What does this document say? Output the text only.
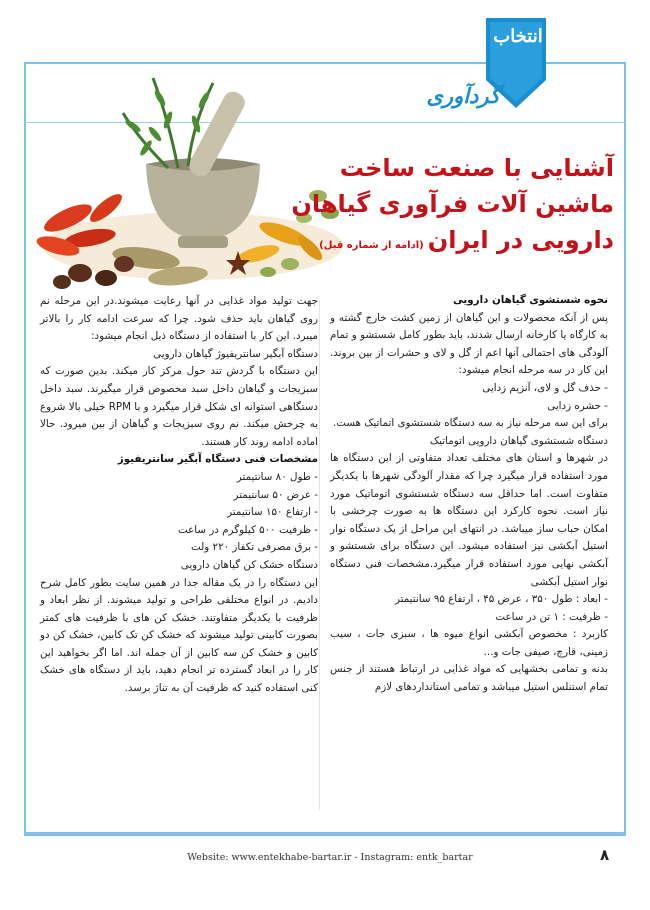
انتخاب
گردآوری
آشنایی با صنعت ساخت
ماشین آلات فرآوری گیاهان
دارویی در ایران(ادامه از شماره قبل)

نحوه شستشوی گیاهان دارویی

پس از آنکه محصولات و این گیاهان از زمین کشت خارج گشته و به کارگاه یا کارخانه ارسال شدند، باید بطور کامل شستشو و تمام آلودگی های احتمالی آنها اعم از گل و لای و حشرات از بین بروند. این کار در سه مرحله انجام میشود:

- حذف گل و لای، آنزیم زدایی

- حشره زدایی

برای این سه مرحله نیاز به سه دستگاه شستشوی اتماتیک هست.

دستگاه شستشوی گیاهان دارویی اتوماتیک

در شهرها و استان های مختلف تعداد متفاوتی از این دستگاه ها مورد استفاده قرار میگیرد چرا که مقدار آلودگی شهرها با یکدیگر متفاوت است. اما حداقل سه دستگاه شستشوی اتوماتیک مورد نیاز است. نحوه کارکرد این دستگاه ها به صورت چرخشی با امکان حباب ساز میباشد. در انتهای این مراحل از یک دستگاه نوار استیل آبکشی نیز استفاده میشود. این دستگاه برای شستشو و آبکشی نهایی مورد استفاده قرار میگیرد.مشخصات فنی دستگاه نوار استیل آبکشی

- ابعاد : طول ۳۵۰ ، عرض ۴۵ ، ارتفاع ۹۵ سانتیمتر

- ظرفیت : ۱ تن در ساعت

کاربرد : مخصوص آبکشی انواع میوه ها ، سبزی جات ، سیب زمینی، قارچ، صیفی جات و...

بدنه و تمامی بخشهایی که مواد غذایی در ارتباط هستند از جنس تمام استنلس استیل میباشد و تمامی استانداردهای لازم

جهت تولید مواد غذایی در آنها رعایت میشوند.در این مرحله نم روی گیاهان باید حذف شود. چرا که سرعت ادامه کار را بالاتر میبرد. این کار با استفاده از دستگاه ذیل انجام میشود:

دستگاه آبگیر سانتریفیوژ گیاهان دارویی

این دستگاه با گردش تند حول مرکز کار میکند. بدین صورت که سبزیجات و گیاهان داخل سبد مخصوص قرار میگیرند. سبد داخل دستگاهی استوانه ای شکل قرار میگیرد و با RPM خیلی بالا شروع به چرخش میکند. نم روی سبزیجات و گیاهان از بین میرود. حالا اماده ادامه روند کار هستند.

مشخصات فنی دستگاه آبگیر سانتریفیوژ

- طول ۸۰ سانتیمتر

- عرض ۵۰ سانتیمتر

- ارتفاع ۱۵۰ سانتیمتر

- ظرفیت ۵۰۰ کیلوگرم در ساعت

- برق مصرفی تکفاز ۲۲۰ ولت

دستگاه خشک کن گیاهان دارویی

این دستگاه را در یک مقاله جدا در همین سایت بطور کامل شرح دادیم. در انواع مختلفی طراحی و تولید میشوند. از نظر ابعاد و ظرفیت با یکدیگر متفاوتند. خشک کن های با ظرفیت های کمتر بصورت کابینی تولید میشوند که خشک کن تک کابین، خشک کن دو کابین و خشک کن سه کابین از آن جمله اند. اما اگر بخواهید این کار را در ابعاد گسترده تر انجام دهید، باید از دستگاه های خشک کنی استفاده کنید که ظرفیت آن به تناژ برسد.

Website: www.entekhabe-bartar.ir - Instagram: entk_bartar	۸
